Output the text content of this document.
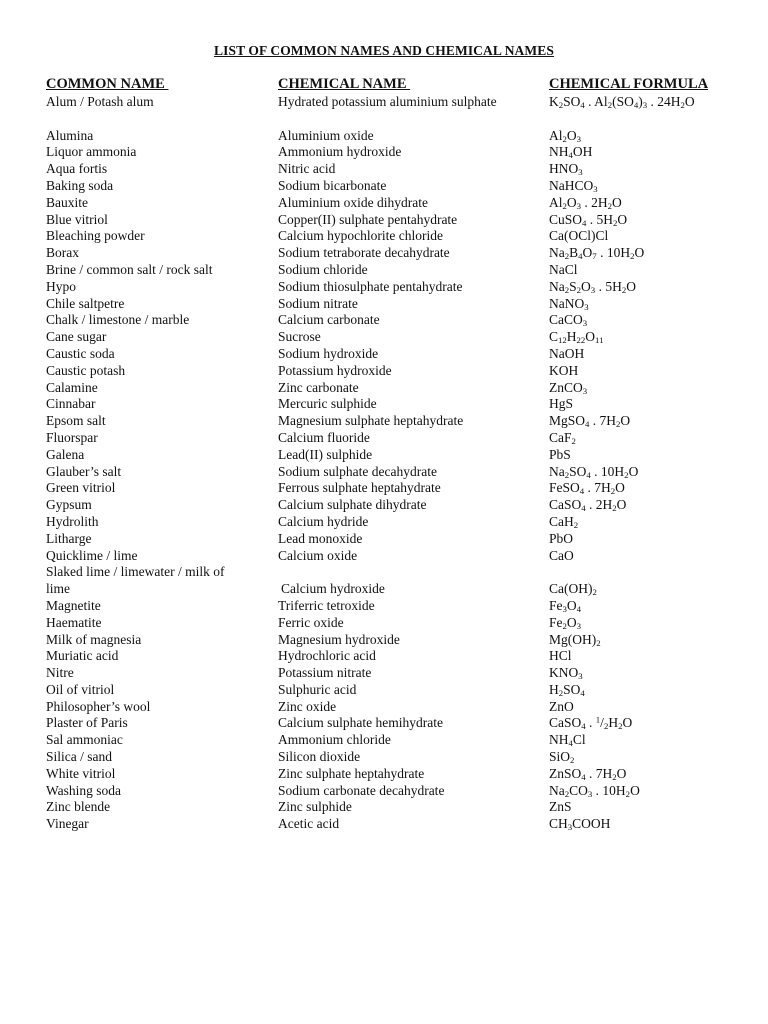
LIST OF COMMON NAMES AND CHEMICAL NAMES
COMMON NAME	CHEMICAL NAME	CHEMICAL FORMULA
Alum / Potash alum	Hydrated potassium aluminium sulphate	$K_2SO_4$ . $Al_2(SO_4)_3$ . $24H_2O$
Alumina	Aluminium oxide	$Al_2O_3$
Liquor ammonia	Ammonium hydroxide	$NH_4OH$
Aqua fortis	Nitric acid	$HNO_3$
Baking soda	Sodium bicarbonate	NaHCO$_3$
Bauxite	Aluminium oxide dihydrate	$Al_2O_3$ . $2H_2O$
Blue vitriol	Copper(II) sulphate pentahydrate	CuSO$_4$ . $5H_2O$
Bleaching powder	Calcium hypochlorite chloride	Ca(OCl)Cl
Borax	Sodium tetraborate decahydrate	$Na_2B_4O_7$ . $10H_2O$
Brine / common salt / rock salt	Sodium chloride	NaCl
Hypo	Sodium thiosulphate pentahydrate	$Na_2S_2O_3$ . $5H_2O$
Chile saltpetre	Sodium nitrate	NaNO$_3$
Chalk / limestone / marble	Calcium carbonate	CaCO$_3$
Cane sugar	Sucrose	$C_{12}H_{22}O_{11}$
Caustic soda	Sodium hydroxide	NaOH
Caustic potash	Potassium hydroxide	KOH
Calamine	Zinc carbonate	ZnCO$_3$
Cinnabar	Mercuric sulphide	HgS
Epsom salt	Magnesium sulphate heptahydrate	MgSO$_4$ . $7H_2O$
Fluorspar	Calcium fluoride	CaF$_2$
Galena	Lead(II) sulphide	PbS
Glauber’s salt	Sodium sulphate decahydrate	$Na_2SO_4$ . $10H_2O$
Green vitriol	Ferrous sulphate heptahydrate	FeSO$_4$ . $7H_2O$
Gypsum	Calcium sulphate dihydrate	CaSO$_4$ . $2H_2O$
Hydrolith	Calcium hydride	CaH$_2$
Litharge	Lead monoxide	PbO
Quicklime / lime	Calcium oxide	CaO
Slaked lime / limewater / milk of lime	Calcium hydroxide	$Ca(OH)_2$
Magnetite	Triferric tetroxide	$Fe_3O_4$
Haematite	Ferric oxide	$Fe_2O_3$
Milk of magnesia	Magnesium hydroxide	$Mg(OH)_2$
Muriatic acid	Hydrochloric acid	HCl
Nitre	Potassium nitrate	$KNO_3$
Oil of vitriol	Sulphuric acid	$H_2SO_4$
Philosopher’s wool	Zinc oxide	ZnO
Plaster of Paris	Calcium sulphate hemihydrate	CaSO$_4$ . $^1/_2H_2O$
Sal ammoniac	Ammonium chloride	$NH_4Cl$
Silica / sand	Silicon dioxide	SiO$_2$
White vitriol	Zinc sulphate heptahydrate	ZnSO$_4$ . $7H_2O$
Washing soda	Sodium carbonate decahydrate	$Na_2CO_3$ . $10H_2O$
Zinc blende	Zinc sulphide	ZnS
Vinegar	Acetic acid	$CH_3COOH$
